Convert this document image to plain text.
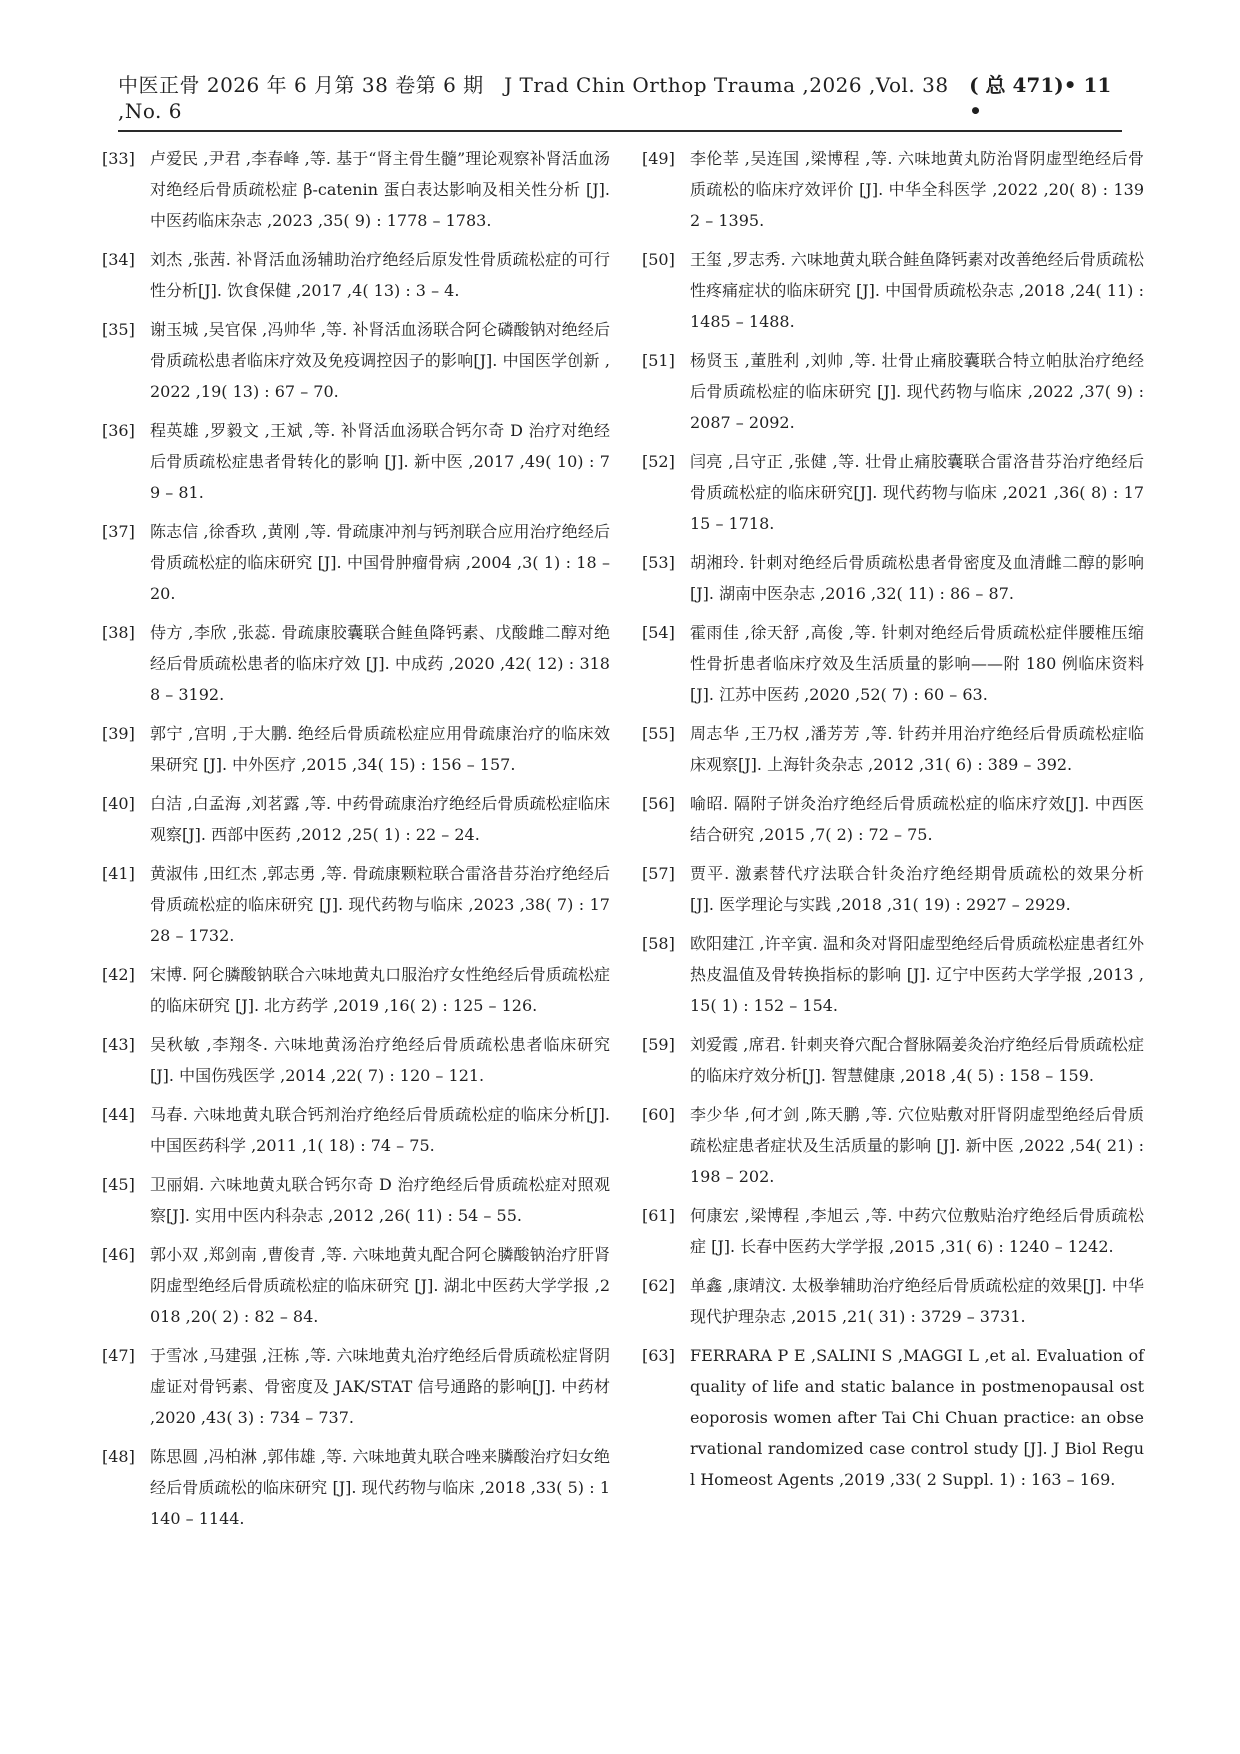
中医正骨 2026 年 6 月第 38 卷第 6 期　J Trad Chin Orthop Trauma ,2026 ,Vol. 38 ,No. 6
( 总 471)• 11 •
[33] 卢爱民 ,尹君 ,李春峰 ,等. 基于“肾主骨生髓”理论观察补肾活血汤对绝经后骨质疏松症 β-catenin 蛋白表达影响及相关性分析 [J]. 中医药临床杂志 ,2023 ,35( 9) : 1778 – 1783.
[34] 刘杰 ,张茜. 补肾活血汤辅助治疗绝经后原发性骨质疏松症的可行性分析[J]. 饮食保健 ,2017 ,4( 13) : 3 – 4.
[35] 谢玉城 ,吴官保 ,冯帅华 ,等. 补肾活血汤联合阿仑磷酸钠对绝经后骨质疏松患者临床疗效及免疫调控因子的影响[J]. 中国医学创新 ,2022 ,19( 13) : 67 – 70.
[36] 程英雄 ,罗毅文 ,王斌 ,等. 补肾活血汤联合钙尔奇 D 治疗对绝经后骨质疏松症患者骨转化的影响 [J]. 新中医 ,2017 ,49( 10) : 79 – 81.
[37] 陈志信 ,徐香玖 ,黄刚 ,等. 骨疏康冲剂与钙剂联合应用治疗绝经后骨质疏松症的临床研究 [J]. 中国骨肿瘤骨病 ,2004 ,3( 1) : 18 – 20.
[38] 侍方 ,李欣 ,张蕊. 骨疏康胶囊联合鲑鱼降钙素、戊酸雌二醇对绝经后骨质疏松患者的临床疗效 [J]. 中成药 ,2020 ,42( 12) : 3188 – 3192.
[39] 郭宁 ,宫明 ,于大鹏. 绝经后骨质疏松症应用骨疏康治疗的临床效果研究 [J]. 中外医疗 ,2015 ,34( 15) : 156 – 157.
[40] 白洁 ,白孟海 ,刘茗露 ,等. 中药骨疏康治疗绝经后骨质疏松症临床观察[J]. 西部中医药 ,2012 ,25( 1) : 22 – 24.
[41] 黄淑伟 ,田红杰 ,郭志勇 ,等. 骨疏康颗粒联合雷洛昔芬治疗绝经后骨质疏松症的临床研究 [J]. 现代药物与临床 ,2023 ,38( 7) : 1728 – 1732.
[42] 宋博. 阿仑膦酸钠联合六味地黄丸口服治疗女性绝经后骨质疏松症的临床研究 [J]. 北方药学 ,2019 ,16( 2) : 125 – 126.
[43] 吴秋敏 ,李翔冬. 六味地黄汤治疗绝经后骨质疏松患者临床研究[J]. 中国伤残医学 ,2014 ,22( 7) : 120 – 121.
[44] 马春. 六味地黄丸联合钙剂治疗绝经后骨质疏松症的临床分析[J]. 中国医药科学 ,2011 ,1( 18) : 74 – 75.
[45] 卫丽娟. 六味地黄丸联合钙尔奇 D 治疗绝经后骨质疏松症对照观察[J]. 实用中医内科杂志 ,2012 ,26( 11) : 54 – 55.
[46] 郭小双 ,郑剑南 ,曹俊青 ,等. 六味地黄丸配合阿仑膦酸钠治疗肝肾阴虚型绝经后骨质疏松症的临床研究 [J]. 湖北中医药大学学报 ,2018 ,20( 2) : 82 – 84.
[47] 于雪冰 ,马建强 ,汪栋 ,等. 六味地黄丸治疗绝经后骨质疏松症肾阴虚证对骨钙素、骨密度及 JAK/STAT 信号通路的影响[J]. 中药材 ,2020 ,43( 3) : 734 – 737.
[48] 陈思圆 ,冯柏淋 ,郭伟雄 ,等. 六味地黄丸联合唑来膦酸治疗妇女绝经后骨质疏松的临床研究 [J]. 现代药物与临床 ,2018 ,33( 5) : 1140 – 1144.
[49] 李伦莘 ,吴连国 ,梁博程 ,等. 六味地黄丸防治肾阴虚型绝经后骨质疏松的临床疗效评价 [J]. 中华全科医学 ,2022 ,20( 8) : 1392 – 1395.
[50] 王玺 ,罗志秀. 六味地黄丸联合鲑鱼降钙素对改善绝经后骨质疏松性疼痛症状的临床研究 [J]. 中国骨质疏松杂志 ,2018 ,24( 11) : 1485 – 1488.
[51] 杨贤玉 ,董胜利 ,刘帅 ,等. 壮骨止痛胶囊联合特立帕肽治疗绝经后骨质疏松症的临床研究 [J]. 现代药物与临床 ,2022 ,37( 9) : 2087 – 2092.
[52] 闫亮 ,吕守正 ,张健 ,等. 壮骨止痛胶囊联合雷洛昔芬治疗绝经后骨质疏松症的临床研究[J]. 现代药物与临床 ,2021 ,36( 8) : 1715 – 1718.
[53] 胡湘玲. 针刺对绝经后骨质疏松患者骨密度及血清雌二醇的影响[J]. 湖南中医杂志 ,2016 ,32( 11) : 86 – 87.
[54] 霍雨佳 ,徐天舒 ,高俊 ,等. 针刺对绝经后骨质疏松症伴腰椎压缩性骨折患者临床疗效及生活质量的影响——附 180 例临床资料[J]. 江苏中医药 ,2020 ,52( 7) : 60 – 63.
[55] 周志华 ,王乃权 ,潘芳芳 ,等. 针药并用治疗绝经后骨质疏松症临床观察[J]. 上海针灸杂志 ,2012 ,31( 6) : 389 – 392.
[56] 喻昭. 隔附子饼灸治疗绝经后骨质疏松症的临床疗效[J]. 中西医结合研究 ,2015 ,7( 2) : 72 – 75.
[57] 贾平. 激素替代疗法联合针灸治疗绝经期骨质疏松的效果分析 [J]. 医学理论与实践 ,2018 ,31( 19) : 2927 – 2929.
[58] 欧阳建江 ,许辛寅. 温和灸对肾阳虚型绝经后骨质疏松症患者红外热皮温值及骨转换指标的影响 [J]. 辽宁中医药大学学报 ,2013 ,15( 1) : 152 – 154.
[59] 刘爱霞 ,席君. 针刺夹脊穴配合督脉隔姜灸治疗绝经后骨质疏松症的临床疗效分析[J]. 智慧健康 ,2018 ,4( 5) : 158 – 159.
[60] 李少华 ,何才剑 ,陈天鹏 ,等. 穴位贴敷对肝肾阴虚型绝经后骨质疏松症患者症状及生活质量的影响 [J]. 新中医 ,2022 ,54( 21) : 198 – 202.
[61] 何康宏 ,梁博程 ,李旭云 ,等. 中药穴位敷贴治疗绝经后骨质疏松症 [J]. 长春中医药大学学报 ,2015 ,31( 6) : 1240 – 1242.
[62] 单鑫 ,康靖汶. 太极拳辅助治疗绝经后骨质疏松症的效果[J]. 中华现代护理杂志 ,2015 ,21( 31) : 3729 – 3731.
[63] FERRARA P E ,SALINI S ,MAGGI L ,et al. Evaluation of quality of life and static balance in postmenopausal osteoporosis women after Tai Chi Chuan practice: an observational randomized case control study [J]. J Biol Regul Homeost Agents ,2019 ,33( 2 Suppl. 1) : 163 – 169.
